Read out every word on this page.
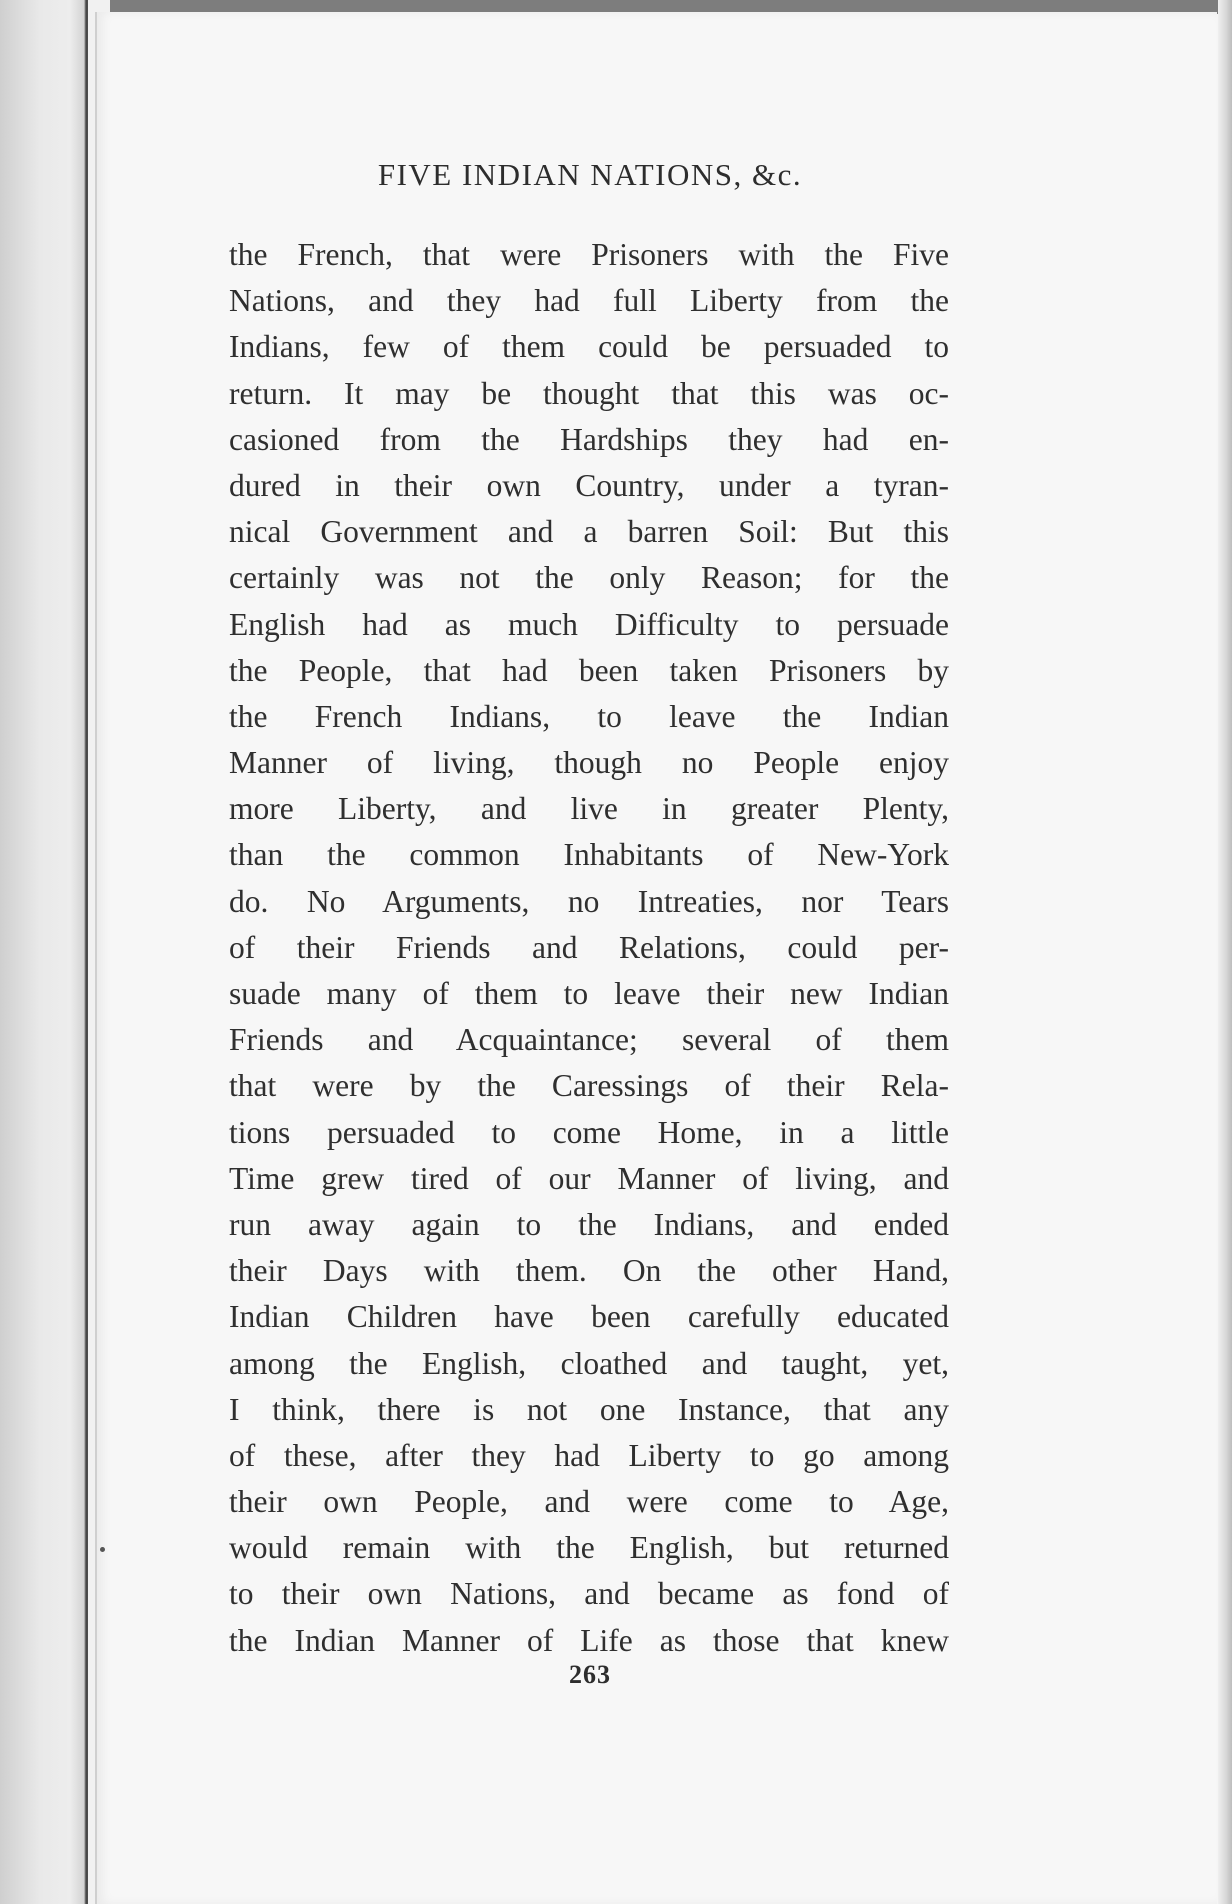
FIVE INDIAN NATIONS, &c.
the French, that were Prisoners with the Five
Nations, and they had full Liberty from the
Indians, few of them could be persuaded to
return. It may be thought that this was oc-
casioned from the Hardships they had en-
dured in their own Country, under a tyran-
nical Government and a barren Soil: But this
certainly was not the only Reason; for the
English had as much Difficulty to persuade
the People, that had been taken Prisoners by
the French Indians, to leave the Indian
Manner of living, though no People enjoy
more Liberty, and live in greater Plenty,
than the common Inhabitants of New-York
do. No Arguments, no Intreaties, nor Tears
of their Friends and Relations, could per-
suade many of them to leave their new Indian
Friends and Acquaintance; several of them
that were by the Caressings of their Rela-
tions persuaded to come Home, in a little
Time grew tired of our Manner of living, and
run away again to the Indians, and ended
their Days with them. On the other Hand,
Indian Children have been carefully educated
among the English, cloathed and taught, yet,
I think, there is not one Instance, that any
of these, after they had Liberty to go among
their own People, and were come to Age,
would remain with the English, but returned
to their own Nations, and became as fond of
the Indian Manner of Life as those that knew
263
